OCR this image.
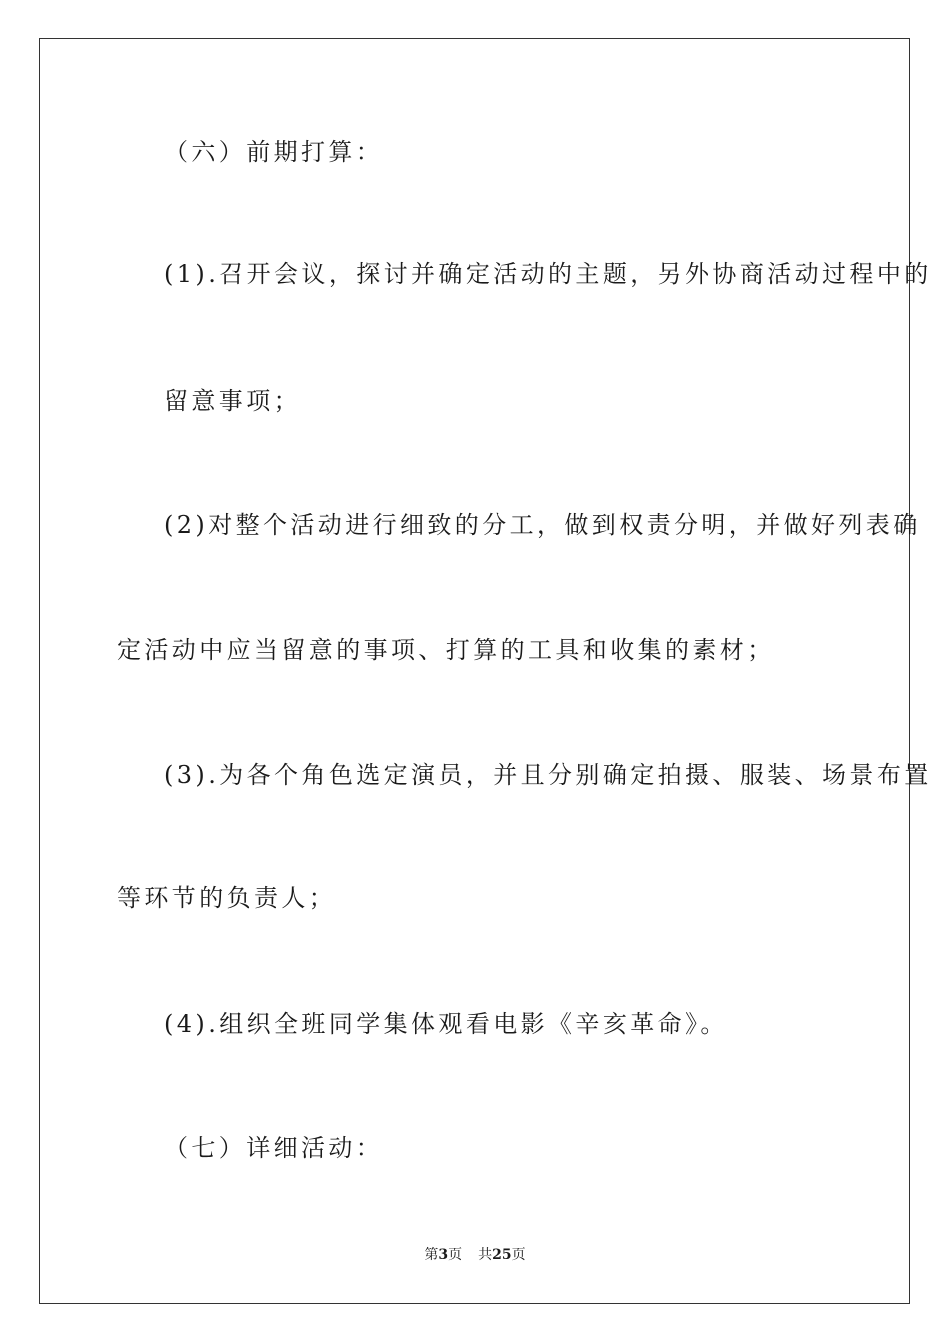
（六）前期打算：
(1).召开会议，探讨并确定活动的主题，另外协商活动过程中的
留意事项；
(2)对整个活动进行细致的分工，做到权责分明，并做好列表确
定活动中应当留意的事项、打算的工具和收集的素材；
(3).为各个角色选定演员，并且分别确定拍摄、服装、场景布置
等环节的负责人；
(4).组织全班同学集体观看电影《辛亥革命》。
（七）详细活动：
第3页 共25页
